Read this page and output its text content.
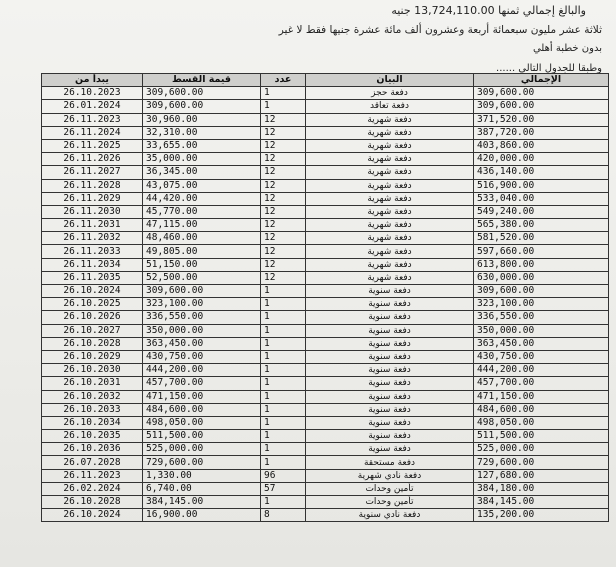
والبالغ إجمالي ثمنها 13,724,110.00 جنيه
ثلاثة عشر مليون سبعمائة أربعة وعشرون ألف مائة عشرة جنيها فقط لا غير
بدون خطبة أهلي
وطبقا للجدول التالي ......
يبدأ من	قيمة القسط	عدد	البيان	الإجمالي
26.10.2023	309,600.00	1	دفعة حجز	309,600.00
26.01.2024	309,600.00	1	دفعة تعاقد	309,600.00
26.11.2023	30,960.00	12	دفعة شهرية	371,520.00
26.11.2024	32,310.00	12	دفعة شهرية	387,720.00
26.11.2025	33,655.00	12	دفعة شهرية	403,860.00
26.11.2026	35,000.00	12	دفعة شهرية	420,000.00
26.11.2027	36,345.00	12	دفعة شهرية	436,140.00
26.11.2028	43,075.00	12	دفعة شهرية	516,900.00
26.11.2029	44,420.00	12	دفعة شهرية	533,040.00
26.11.2030	45,770.00	12	دفعة شهرية	549,240.00
26.11.2031	47,115.00	12	دفعة شهرية	565,380.00
26.11.2032	48,460.00	12	دفعة شهرية	581,520.00
26.11.2033	49,805.00	12	دفعة شهرية	597,660.00
26.11.2034	51,150.00	12	دفعة شهرية	613,800.00
26.11.2035	52,500.00	12	دفعة شهرية	630,000.00
26.10.2024	309,600.00	1	دفعة سنوية	309,600.00
26.10.2025	323,100.00	1	دفعة سنوية	323,100.00
26.10.2026	336,550.00	1	دفعة سنوية	336,550.00
26.10.2027	350,000.00	1	دفعة سنوية	350,000.00
26.10.2028	363,450.00	1	دفعة سنوية	363,450.00
26.10.2029	430,750.00	1	دفعة سنوية	430,750.00
26.10.2030	444,200.00	1	دفعة سنوية	444,200.00
26.10.2031	457,700.00	1	دفعة سنوية	457,700.00
26.10.2032	471,150.00	1	دفعة سنوية	471,150.00
26.10.2033	484,600.00	1	دفعة سنوية	484,600.00
26.10.2034	498,050.00	1	دفعة سنوية	498,050.00
26.10.2035	511,500.00	1	دفعة سنوية	511,500.00
26.10.2036	525,000.00	1	دفعة سنوية	525,000.00
26.07.2028	729,600.00	1	دفعة مستحقة	729,600.00
26.11.2023	1,330.00	96	دفعة نادي شهرية	127,680.00
26.02.2024	6,740.00	57	تأمين وحدات	384,180.00
26.10.2028	384,145.00	1	تأمين وحدات	384,145.00
26.10.2024	16,900.00	8	دفعة نادي سنوية	135,200.00
